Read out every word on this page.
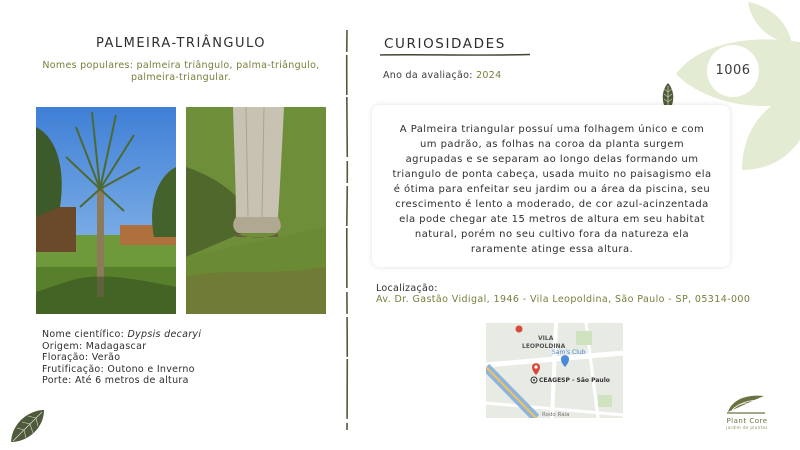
1006
PALMEIRA-TRIÂNGULO
Nomes populares: palmeira triângulo, palma-triângulo, palmeira-triangular.
Nome científico: Dypsis decaryi
Origem: Madagascar
Floração: Verão
Frutificação: Outono e Inverno
Porte: Até 6 metros de altura
CURIOSIDADES
Ano da avaliação: 2024

A Palmeira triangular possuí uma folhagem único e com um padrão, as folhas na coroa da planta surgem agrupadas e se separam ao longo delas formando um triangulo de ponta cabeça, usada muito no paisagismo ela é ótima para enfeitar seu jardim ou a área da piscina, seu crescimento é lento a moderado, de cor azul-acinzentada ela pode chegar ate 15 metros de altura em seu habitat natural, porém no seu cultivo fora da natureza ela raramente atinge essa altura.

Localização:
Av. Dr. Gastão Vidigal, 1946 - Vila Leopoldina, São Paulo - SP, 05314-000
VILA
LEOPOLDINA
Sam's Club
CEAGESP - São Paulo
Rodo Raia
Plant Core
jardim de plantas
